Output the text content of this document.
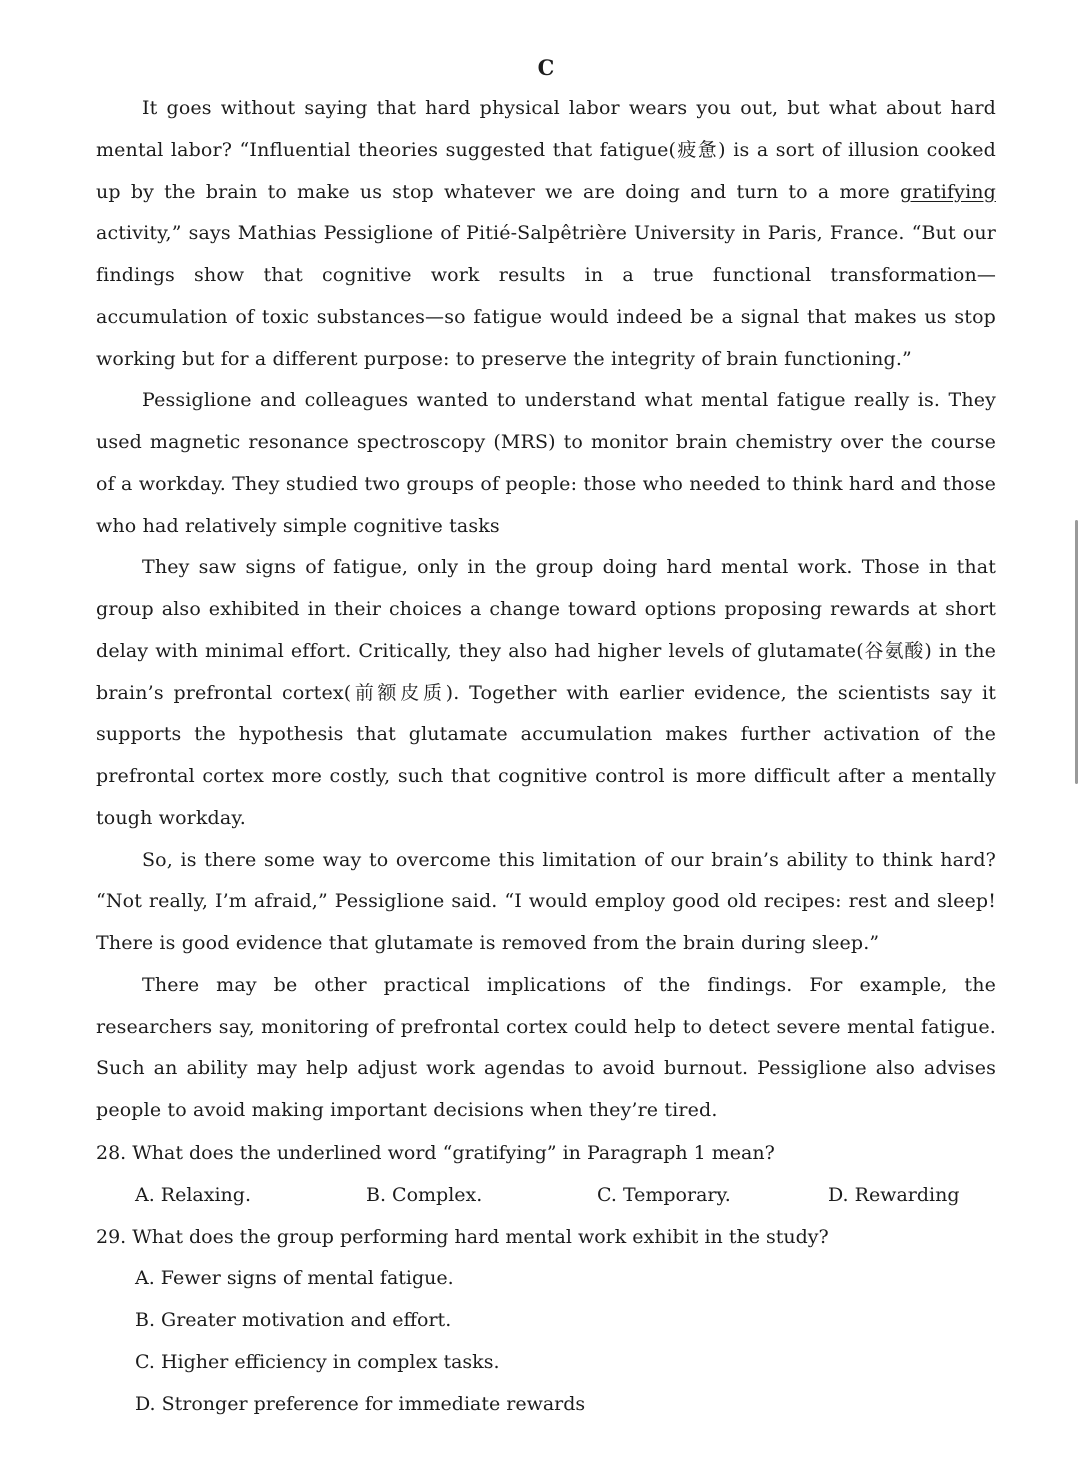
C

It goes without saying that hard physical labor wears you out, but what about hard mental labor? “Influential theories suggested that fatigue(疲惫) is a sort of illusion cooked up by the brain to make us stop whatever we are doing and turn to a more gratifying activity,” says Mathias Pessiglione of Pitié-Salpêtrière University in Paris, France. “But our findings show that cognitive work results in a true functional transformation—accumulation of toxic substances—so fatigue would indeed be a signal that makes us stop working but for a different purpose: to preserve the integrity of brain functioning.”

Pessiglione and colleagues wanted to understand what mental fatigue really is. They used magnetic resonance spectroscopy (MRS) to monitor brain chemistry over the course of a workday. They studied two groups of people: those who needed to think hard and those who had relatively simple cognitive tasks

They saw signs of fatigue, only in the group doing hard mental work. Those in that group also exhibited in their choices a change toward options proposing rewards at short delay with minimal effort. Critically, they also had higher levels of glutamate(谷氨酸) in the brain’s prefrontal cortex(前额皮质). Together with earlier evidence, the scientists say it supports the hypothesis that glutamate accumulation makes further activation of the prefrontal cortex more costly, such that cognitive control is more difficult after a mentally tough workday.

So, is there some way to overcome this limitation of our brain’s ability to think hard? “Not really, I’m afraid,” Pessiglione said. “I would employ good old recipes: rest and sleep! There is good evidence that glutamate is removed from the brain during sleep.”

There may be other practical implications of the findings. For example, the researchers say, monitoring of prefrontal cortex could help to detect severe mental fatigue. Such an ability may help adjust work agendas to avoid burnout. Pessiglione also advises people to avoid making important decisions when they’re tired.

28. What does the underlined word “gratifying” in Paragraph 1 mean?

A. Relaxing.	B. Complex.	C. Temporary.	D. Rewarding

29. What does the group performing hard mental work exhibit in the study?

A. Fewer signs of mental fatigue.

B. Greater motivation and effort.

C. Higher efficiency in complex tasks.

D. Stronger preference for immediate rewards
